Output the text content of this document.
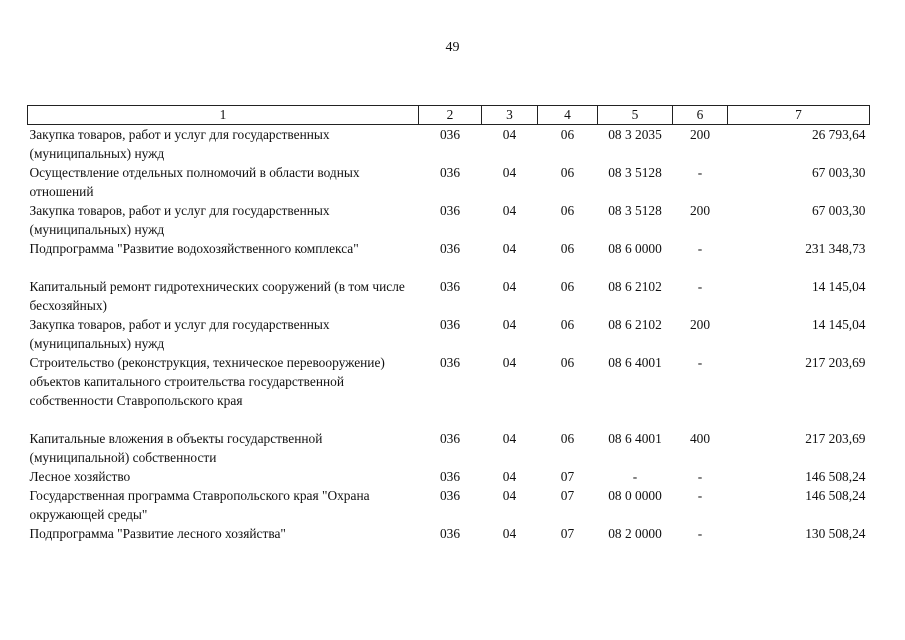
49
1	2	3	4	5	6	7
Закупка товаров, работ и услуг для государственных (муниципальных) нужд	036	04	06	08 3 2035	200	26 793,64
Осуществление отдельных полномочий в области водных отношений	036	04	06	08 3 5128	-	67 003,30
Закупка товаров, работ и услуг для государственных (муниципальных) нужд	036	04	06	08 3 5128	200	67 003,30
Подпрограмма "Развитие водохозяйственного комплекса"	036	04	06	08 6 0000	-	231 348,73
Капитальный ремонт гидротехнических сооружений (в том числе бесхозяйных)	036	04	06	08 6 2102	-	14 145,04
Закупка товаров, работ и услуг для государственных (муниципальных) нужд	036	04	06	08 6 2102	200	14 145,04
Строительство (реконструкция, техническое перевооружение) объектов капитального строительства государственной собственности Ставропольского края	036	04	06	08 6 4001	-	217 203,69
Капитальные вложения в объекты государственной (муниципальной) собственности	036	04	06	08 6 4001	400	217 203,69
Лесное хозяйство	036	04	07	-	-	146 508,24
Государственная программа Ставропольского края "Охрана окружающей среды"	036	04	07	08 0 0000	-	146 508,24
Подпрограмма "Развитие лесного хозяйства"	036	04	07	08 2 0000	-	130 508,24
